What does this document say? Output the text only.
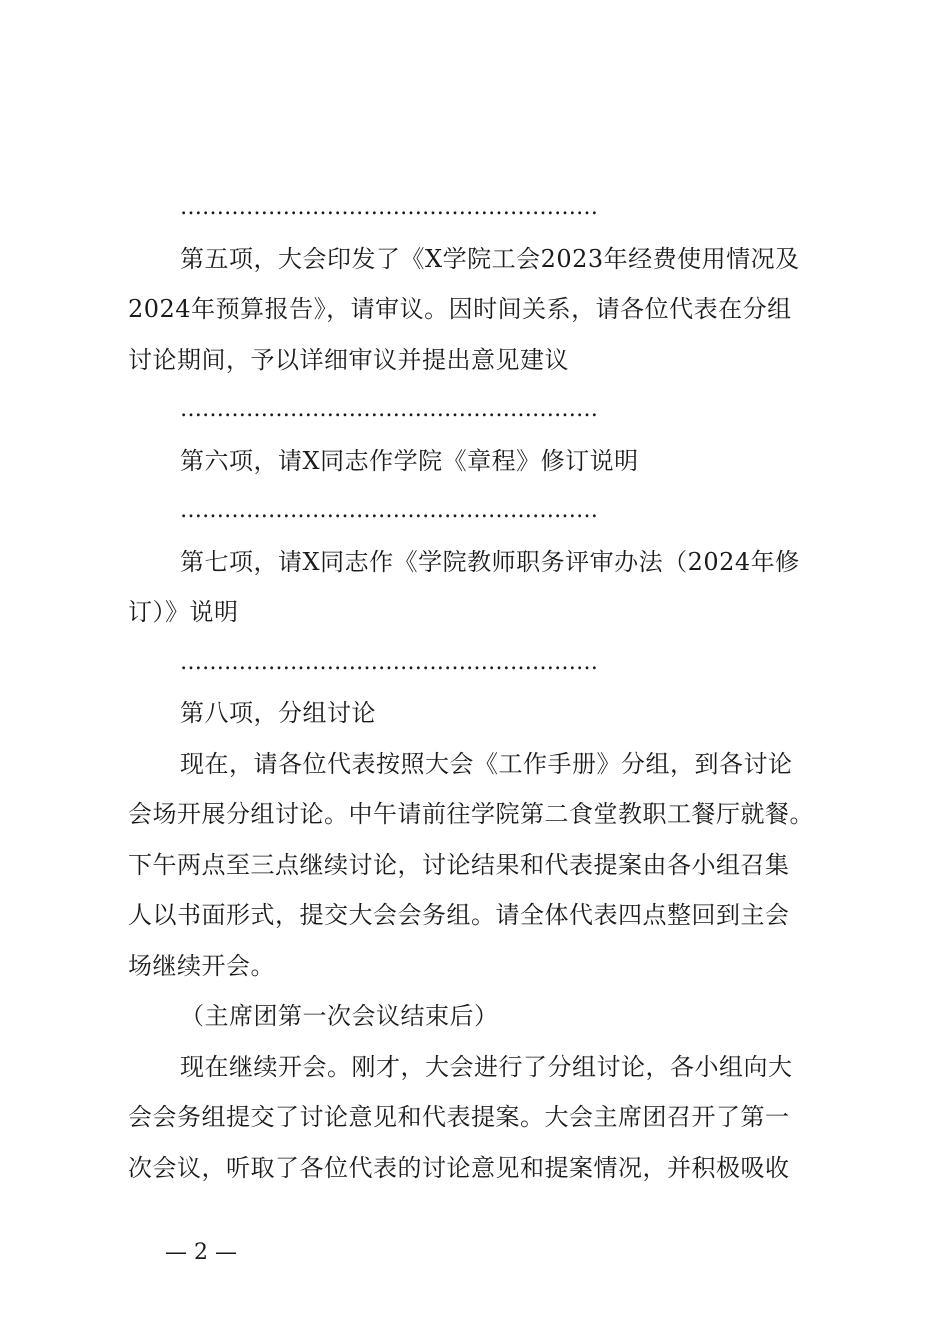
…………………………………………………
第五项，大会印发了《X学院工会2023年经费使用情况及
2024年预算报告》，请审议。因时间关系，请各位代表在分组
讨论期间，予以详细审议并提出意见建议
…………………………………………………
第六项，请X同志作学院《章程》修订说明
…………………………………………………
第七项，请X同志作《学院教师职务评审办法（2024年修
订）》说明
…………………………………………………
第八项，分组讨论
现在，请各位代表按照大会《工作手册》分组，到各讨论
会场开展分组讨论。中午请前往学院第二食堂教职工餐厅就餐。
下午两点至三点继续讨论，讨论结果和代表提案由各小组召集
人以书面形式，提交大会会务组。请全体代表四点整回到主会
场继续开会。
（主席团第一次会议结束后）
现在继续开会。刚才，大会进行了分组讨论，各小组向大
会会务组提交了讨论意见和代表提案。大会主席团召开了第一
次会议，听取了各位代表的讨论意见和提案情况，并积极吸收
— 2 —
